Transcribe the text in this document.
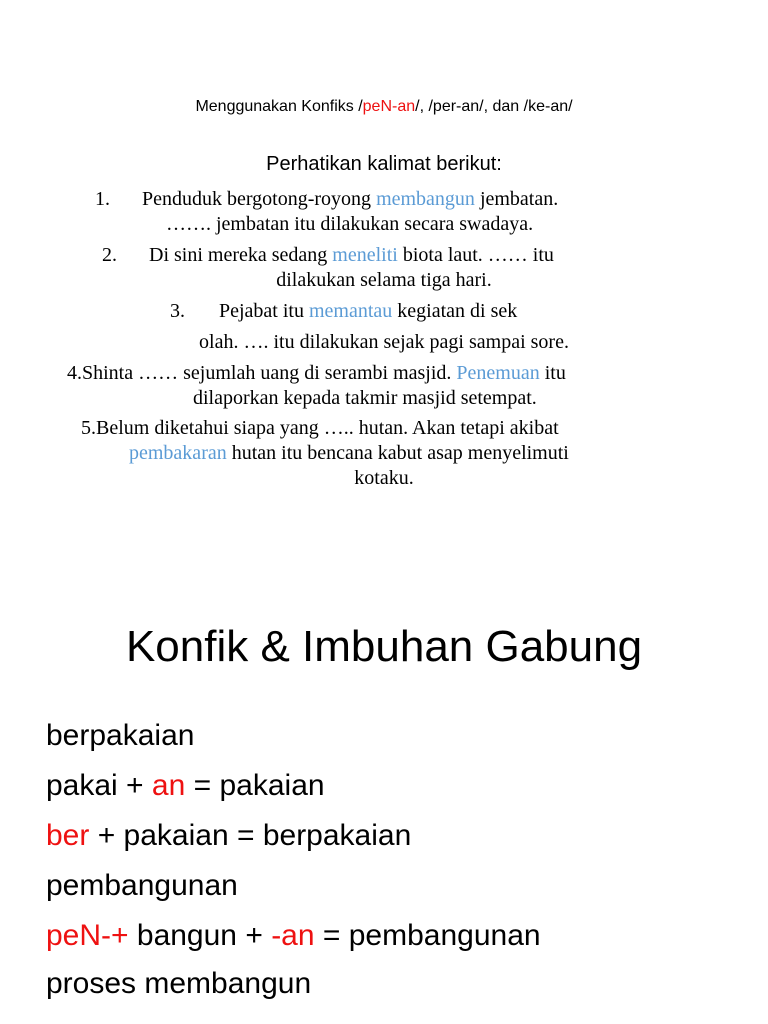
Menggunakan Konfiks /peN-an/, /per-an/, dan /ke-an/
Perhatikan kalimat berikut:
1. Penduduk bergotong-royong membangun jembatan.
……. jembatan itu dilakukan secara swadaya.
2. Di sini mereka sedang meneliti biota laut. …… itu
dilakukan selama tiga hari.
3. Pejabat itu memantau kegiatan di sek
olah. …. itu dilakukan sejak pagi sampai sore.
4.Shinta …… sejumlah uang di serambi masjid. Penemuan itu
dilaporkan kepada takmir masjid setempat.
5.Belum diketahui siapa yang ….. hutan. Akan tetapi akibat
pembakaran hutan itu bencana kabut asap menyelimuti
kotaku.
Konfik & Imbuhan Gabung
berpakaian
pakai + an = pakaian
ber + pakaian = berpakaian
pembangunan
peN-+ bangun + -an = pembangunan
proses membangun
